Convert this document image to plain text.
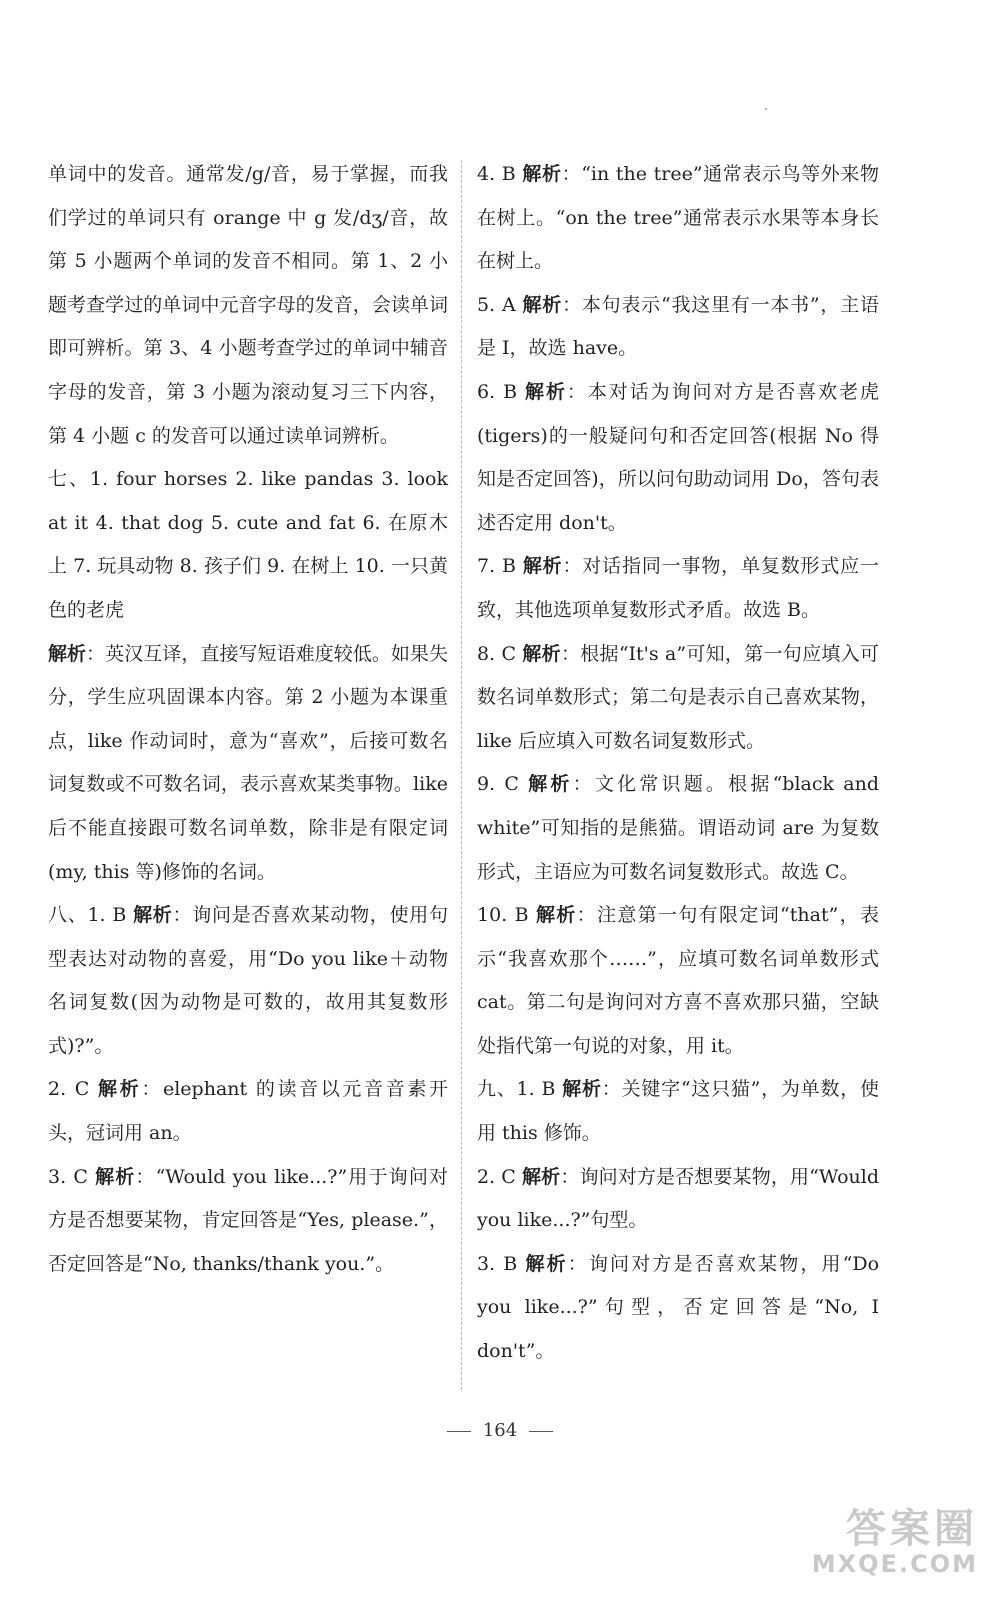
单词中的发音。通常发/g/音，易于掌握，而我们学过的单词只有 orange 中 g 发/dʒ/音，故第 5 小题两个单词的发音不相同。第 1、2 小题考查学过的单词中元音字母的发音，会读单词即可辨析。第 3、4 小题考查学过的单词中辅音字母的发音，第 3 小题为滚动复习三下内容，第 4 小题 c 的发音可以通过读单词辨析。

七、1. four horses 2. like pandas 3. look at it 4. that dog 5. cute and fat 6. 在原木上 7. 玩具动物 8. 孩子们 9. 在树上 10. 一只黄色的老虎

解析：英汉互译，直接写短语难度较低。如果失分，学生应巩固课本内容。第 2 小题为本课重点，like 作动词时，意为“喜欢”，后接可数名词复数或不可数名词，表示喜欢某类事物。like 后不能直接跟可数名词单数，除非是有限定词(my, this 等)修饰的名词。

八、1. B 解析：询问是否喜欢某动物，使用句型表达对动物的喜爱，用“Do you like＋动物名词复数(因为动物是可数的，故用其复数形式)?”。

2. C 解析：elephant 的读音以元音音素开头，冠词用 an。

3. C 解析：“Would you like...?”用于询问对方是否想要某物，肯定回答是“Yes, please.”，否定回答是“No, thanks/thank you.”。

4. B 解析：“in the tree”通常表示鸟等外来物在树上。“on the tree”通常表示水果等本身长在树上。

5. A 解析：本句表示“我这里有一本书”，主语是 I，故选 have。

6. B 解析：本对话为询问对方是否喜欢老虎(tigers)的一般疑问句和否定回答(根据 No 得知是否定回答)，所以问句助动词用 Do，答句表述否定用 don't。

7. B 解析：对话指同一事物，单复数形式应一致，其他选项单复数形式矛盾。故选 B。

8. C 解析：根据“It's a”可知，第一句应填入可数名词单数形式；第二句是表示自己喜欢某物，like 后应填入可数名词复数形式。

9. C 解析：文化常识题。根据“black and white”可知指的是熊猫。谓语动词 are 为复数形式，主语应为可数名词复数形式。故选 C。

10. B 解析：注意第一句有限定词“that”，表示“我喜欢那个……”，应填可数名词单数形式 cat。第二句是询问对方喜不喜欢那只猫，空缺处指代第一句说的对象，用 it。

九、1. B 解析：关键字“这只猫”，为单数，使用 this 修饰。

2. C 解析：询问对方是否想要某物，用“Would you like...?”句型。

3. B 解析：询问对方是否喜欢某物，用“Do you like...?”句型，否定回答是“No, I don't”。

164
答案圈
MXQE.COM
